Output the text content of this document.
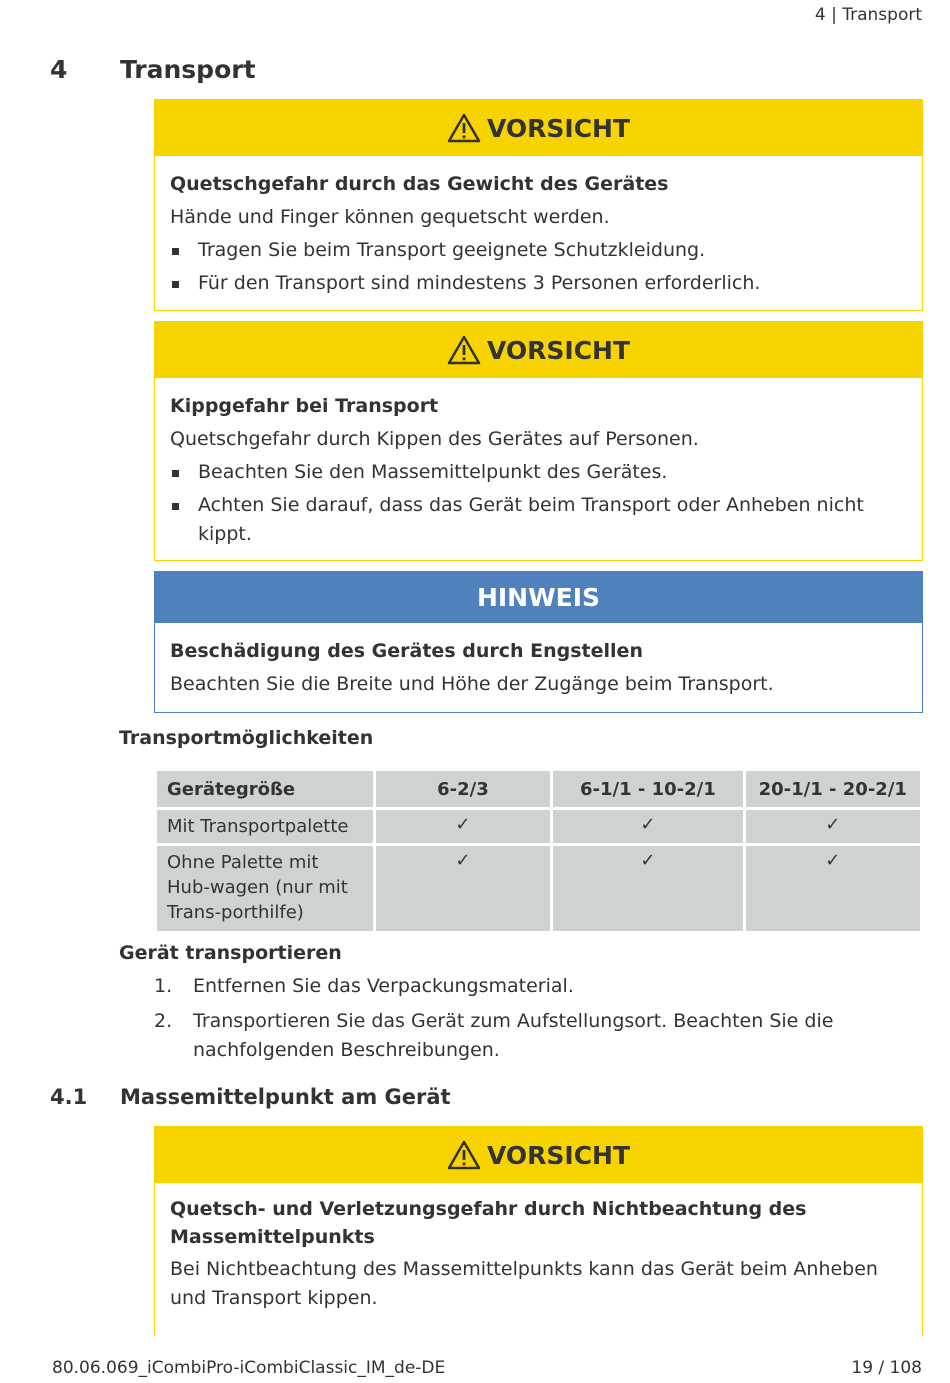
4 | Transport
4	Transport
VORSICHT
Quetschgefahr durch das Gewicht des Gerätes
Hände und Finger können gequetscht werden.
Tragen Sie beim Transport geeignete Schutzkleidung.
Für den Transport sind mindestens 3 Personen erforderlich.
VORSICHT
Kippgefahr bei Transport
Quetschgefahr durch Kippen des Gerätes auf Personen.
Beachten Sie den Massemittelpunkt des Gerätes.
Achten Sie darauf, dass das Gerät beim Transport oder Anheben nicht kippt.
HINWEIS
Beschädigung des Gerätes durch Engstellen
Beachten Sie die Breite und Höhe der Zugänge beim Transport.
Transportmöglichkeiten
Gerätegröße	6-2/3	6-1/1 - 10-2/1	20-1/1 - 20-2/1
Mit Transportpalette	✓	✓	✓
Ohne Palette mit Hub-wagen (nur mit Trans-porthilfe)	✓	✓	✓
Gerät transportieren
1. Entfernen Sie das Verpackungsmaterial.
2. Transportieren Sie das Gerät zum Aufstellungsort. Beachten Sie die nachfolgenden Beschreibungen.
4.1 Massemittelpunkt am Gerät
VORSICHT
Quetsch- und Verletzungsgefahr durch Nichtbeachtung des Massemittelpunkts
Bei Nichtbeachtung des Massemittelpunkts kann das Gerät beim Anheben und Transport kippen.
80.06.069_iCombiPro-iCombiClassic_IM_de-DE	19 / 108
